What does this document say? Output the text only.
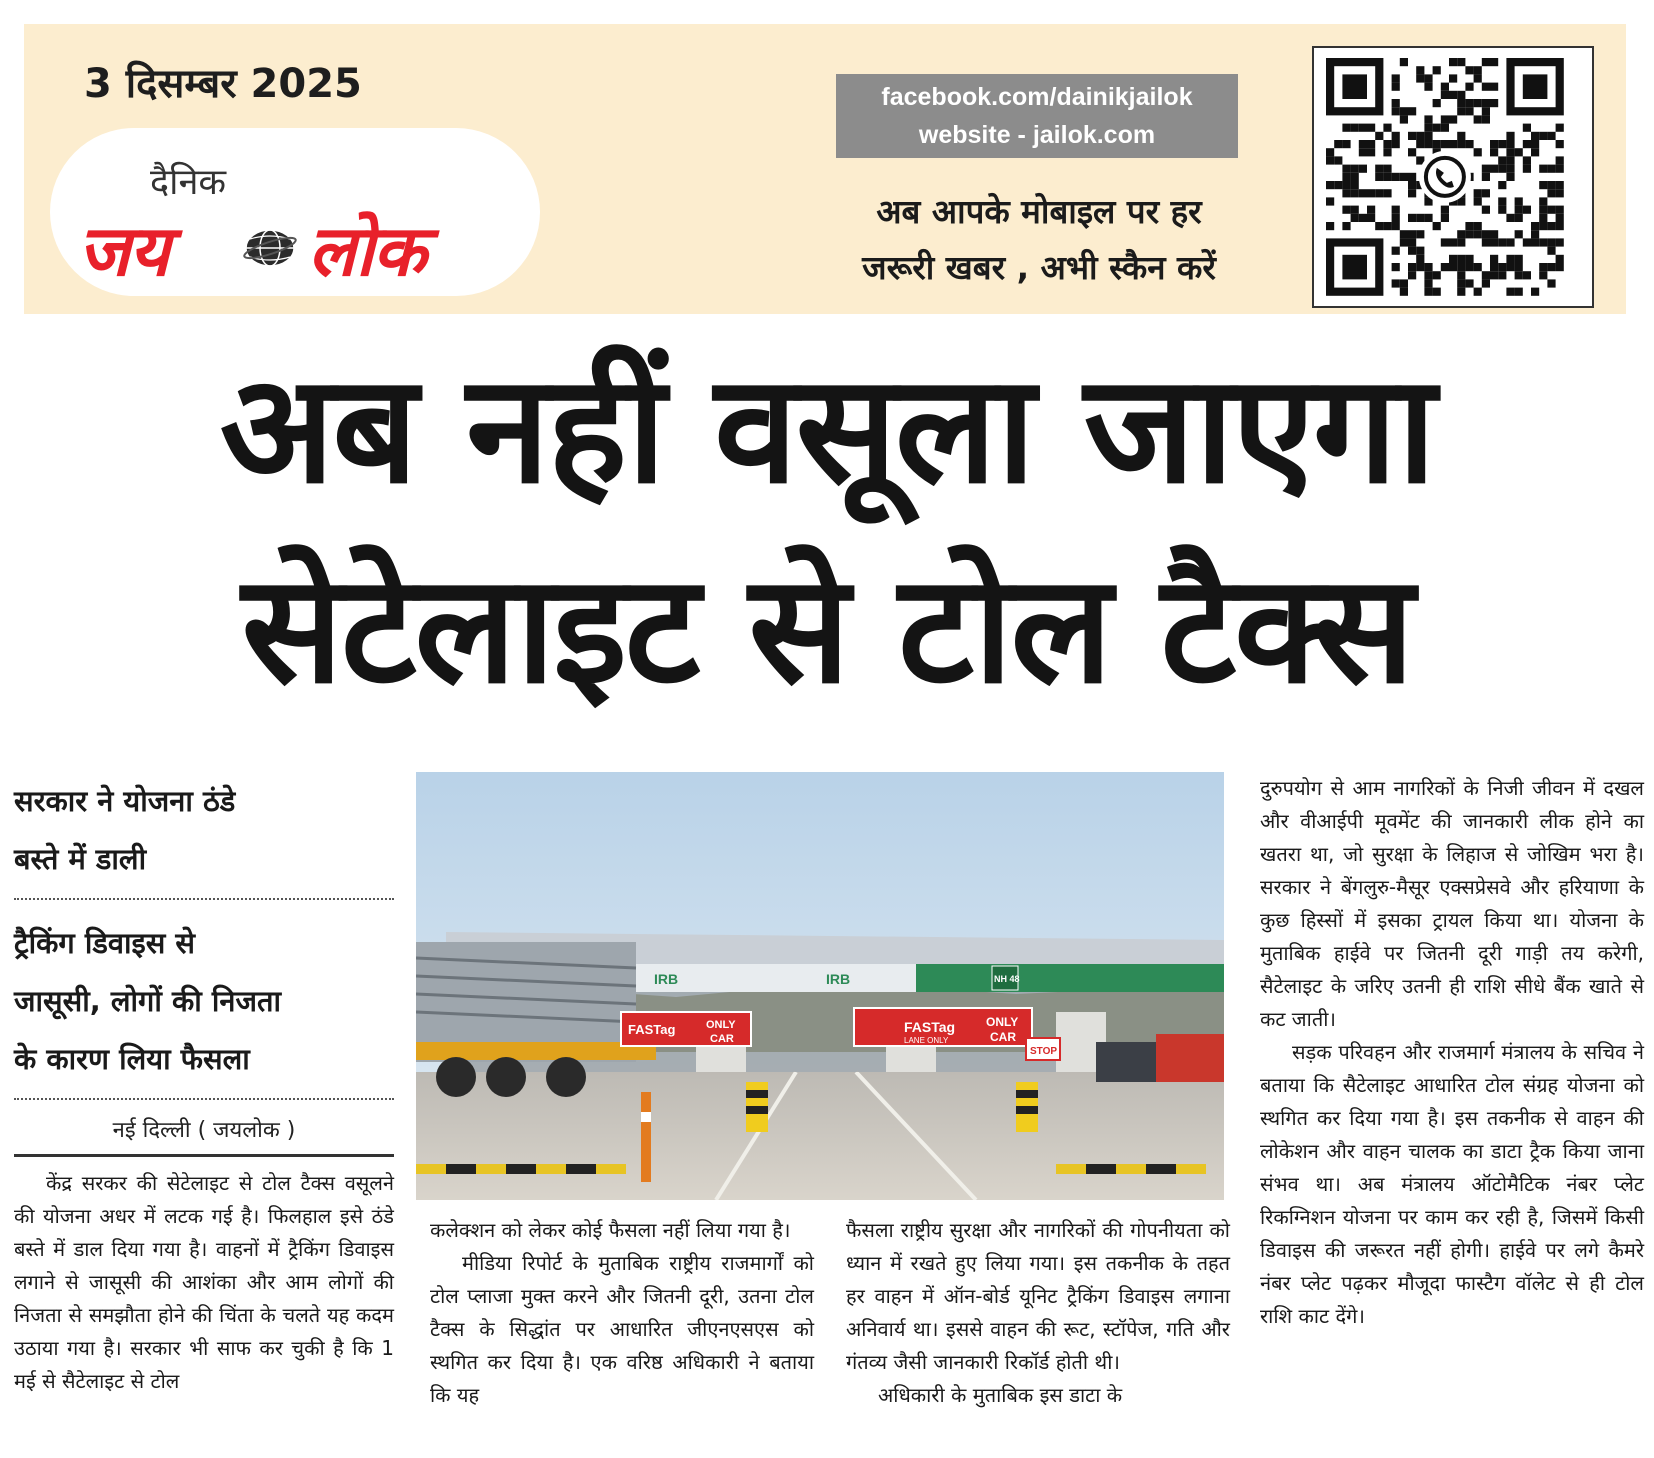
3 दिसम्बर 2025
दैनिक
जय लोक
facebook.com/dainikjailok
website - jailok.com
अब आपके मोबाइल पर हर
जरूरी खबर , अभी स्कैन करें
अब नहीं वसूला जाएगा
सेटेलाइट से टोल टैक्स
सरकार ने योजना ठंडे
बस्ते में डाली
ट्रैकिंग डिवाइस से
जासूसी, लोगों की निजता
के कारण लिया फैसला
नई दिल्ली ( जयलोक )

केंद्र सरकर की सेटेलाइट से टोल टैक्स वसूलने की योजना अधर में लटक गई है। फिलहाल इसे ठंडे बस्ते में डाल दिया गया है। वाहनों में ट्रैकिंग डिवाइस लगाने से जासूसी की आशंका और आम लोगों की निजता से समझौता होने की चिंता के चलते यह कदम उठाया गया है। सरकार भी साफ कर चुकी है कि 1 मई से सैटेलाइट से टोल

IRB	IRB	NH 48
FASTag	ONLY
CAR
FASTag
LANE ONLY
ONLY
CAR
STOP

कलेक्शन को लेकर कोई फैसला नहीं लिया गया है।

मीडिया रिपोर्ट के मुताबिक राष्ट्रीय राजमार्गों को टोल प्लाजा मुक्त करने और जितनी दूरी, उतना टोल टैक्स के सिद्धांत पर आधारित जीएनएसएस को स्थगित कर दिया है। एक वरिष्ठ अधिकारी ने बताया कि यह

फैसला राष्ट्रीय सुरक्षा और नागरिकों की गोपनीयता को ध्यान में रखते हुए लिया गया। इस तकनीक के तहत हर वाहन में ऑन-बोर्ड यूनिट ट्रैकिंग डिवाइस लगाना अनिवार्य था। इससे वाहन की रूट, स्टॉपेज, गति और गंतव्य जैसी जानकारी रिकॉर्ड होती थी।

अधिकारी के मुताबिक इस डाटा के

दुरुपयोग से आम नागरिकों के निजी जीवन में दखल और वीआईपी मूवमेंट की जानकारी लीक होने का खतरा था, जो सुरक्षा के लिहाज से जोखिम भरा है। सरकार ने बेंगलुरु-मैसूर एक्सप्रेसवे और हरियाणा के कुछ हिस्सों में इसका ट्रायल किया था। योजना के मुताबिक हाईवे पर जितनी दूरी गाड़ी तय करेगी, सैटेलाइट के जरिए उतनी ही राशि सीधे बैंक खाते से कट जाती।

सड़क परिवहन और राजमार्ग मंत्रालय के सचिव ने बताया कि सैटेलाइट आधारित टोल संग्रह योजना को स्थगित कर दिया गया है। इस तकनीक से वाहन की लोकेशन और वाहन चालक का डाटा ट्रैक किया जाना संभव था। अब मंत्रालय ऑटोमैटिक नंबर प्लेट रिकग्निशन योजना पर काम कर रही है, जिसमें किसी डिवाइस की जरूरत नहीं होगी। हाईवे पर लगे कैमरे नंबर प्लेट पढ़कर मौजूदा फास्टैग वॉलेट से ही टोल राशि काट देंगे।
